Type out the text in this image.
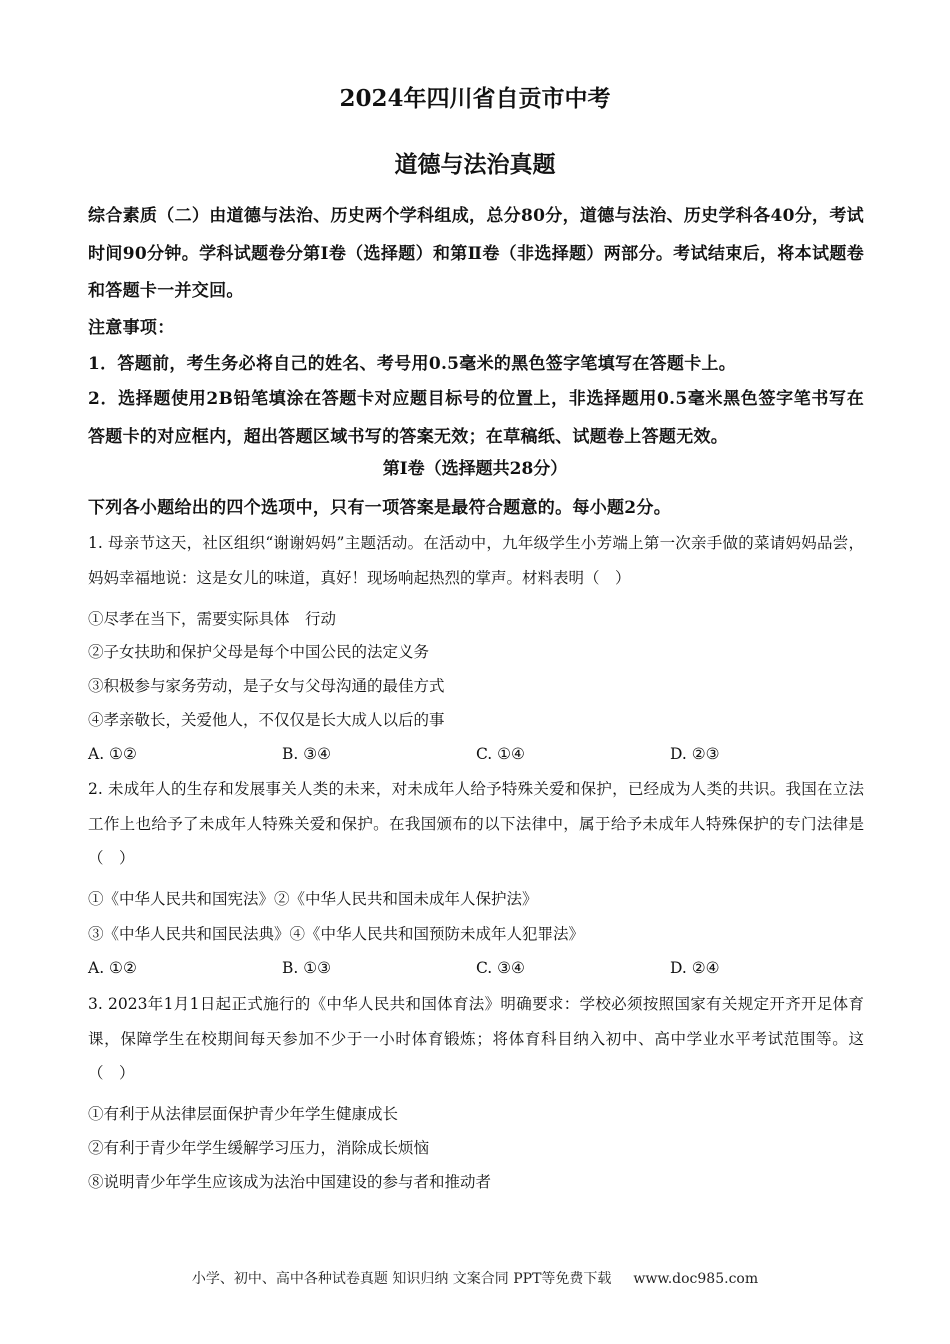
2024年四川省自贡市中考
道德与法治真题
综合素质（二）由道德与法治、历史两个学科组成，总分80分，道德与法治、历史学科各40分，考试时间90分钟。学科试题卷分第Ⅰ卷（选择题）和第Ⅱ卷（非选择题）两部分。考试结束后，将本试题卷和答题卡一并交回。
注意事项：
1．答题前，考生务必将自己的姓名、考号用0.5毫米的黑色签字笔填写在答题卡上。
2．选择题使用2B铅笔填涂在答题卡对应题目标号的位置上，非选择题用0.5毫米黑色签字笔书写在答题卡的对应框内，超出答题区域书写的答案无效；在草稿纸、试题卷上答题无效。
第Ⅰ卷（选择题共28分）
下列各小题给出的四个选项中，只有一项答案是最符合题意的。每小题2分。
1. 母亲节这天，社区组织“谢谢妈妈”主题活动。在活动中，九年级学生小芳端上第一次亲手做的菜请妈妈品尝，妈妈幸福地说：这是女儿的味道，真好！现场响起热烈的掌声。材料表明（　）
①尽孝在当下，需要实际具体　行动
②子女扶助和保护父母是每个中国公民的法定义务
③积极参与家务劳动，是子女与父母沟通的最佳方式
④孝亲敬长，关爱他人，不仅仅是长大成人以后的事
A. ①②	B. ③④	C. ①④	D. ②③
2. 未成年人的生存和发展事关人类的未来，对未成年人给予特殊关爱和保护，已经成为人类的共识。我国在立法工作上也给予了未成年人特殊关爱和保护。在我国颁布的以下法律中，属于给予未成年人特殊保护的专门法律是（　）
①《中华人民共和国宪法》②《中华人民共和国未成年人保护法》
③《中华人民共和国民法典》④《中华人民共和国预防未成年人犯罪法》
A. ①②	B. ①③	C. ③④	D. ②④
3. 2023年1月1日起正式施行的《中华人民共和国体育法》明确要求：学校必须按照国家有关规定开齐开足体育课，保障学生在校期间每天参加不少于一小时体育锻炼；将体育科目纳入初中、高中学业水平考试范围等。这（　）
①有利于从法律层面保护青少年学生健康成长
②有利于青少年学生缓解学习压力，消除成长烦恼
⑧说明青少年学生应该成为法治中国建设的参与者和推动者
小学、初中、高中各种试卷真题 知识归纳 文案合同 PPT等免费下载 www.doc985.com
